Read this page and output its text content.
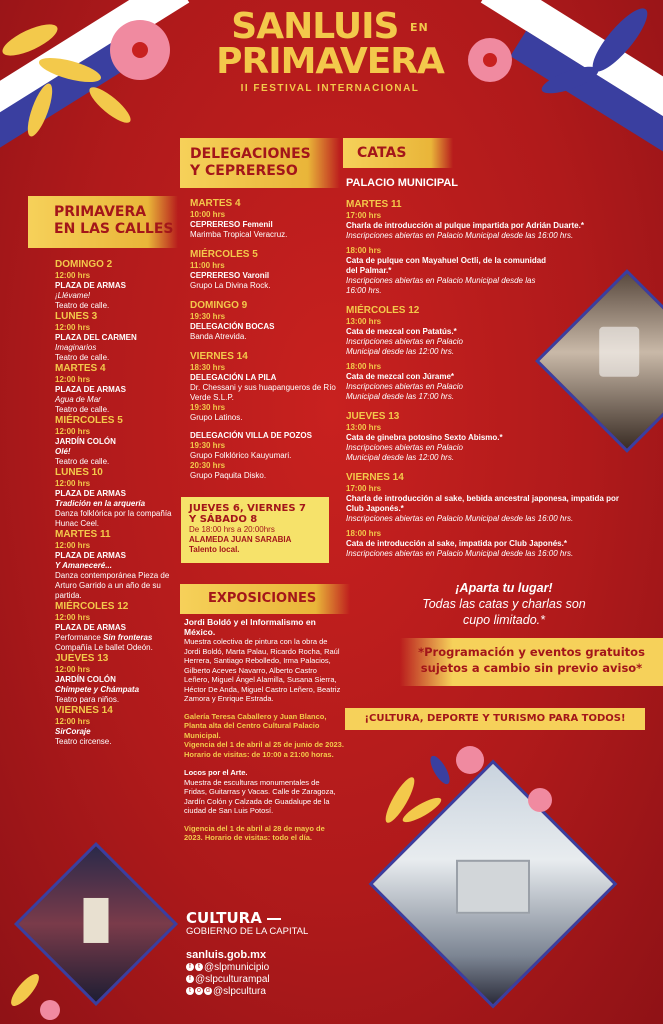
SANLUIS EN
PRIMAVERA
II FESTIVAL INTERNACIONAL
PRIMAVERA
EN LAS CALLES
DELEGACIONES
Y CEPRERESO
CATAS
EXPOSICIONES
DOMINGO 2
12:00 hrs
PLAZA DE ARMAS
¡Llévame!
Teatro de calle.
LUNES 3
12:00 hrs
PLAZA DEL CARMEN
Imaginarios
Teatro de calle.
MARTES 4
12:00 hrs
PLAZA DE ARMAS
Agua de Mar
Teatro de calle.
MIÉRCOLES 5
12:00 hrs
JARDÍN COLÓN
Olé!
Teatro de calle.
LUNES 10
12:00 hrs
PLAZA DE ARMAS
Tradición en la arquería
Danza folklórica por la compañía Hunac Ceel.
MARTES 11
12:00 hrs
PLAZA DE ARMAS
Y Amaneceré...
Danza contemporánea Pieza de Arturo Garrido a un año de su partida.
MIÉRCOLES 12
12:00 hrs
PLAZA DE ARMAS
Performance Sin fronteras
Compañía Le ballet Odeón.
JUEVES 13
12:00 hrs
JARDÍN COLÓN
Chímpete y Chámpata
Teatro para niños.
VIERNES 14
12:00 hrs
SirCoraje
Teatro circense.
MARTES 4
10:00 hrs
CEPRERESO Femenil
Marimba Tropical Veracruz.
MIÉRCOLES 5
11:00 hrs
CEPRERESO Varonil
Grupo La Divina Rock.
DOMINGO 9
19:30 hrs
DELEGACIÓN BOCAS
Banda Atrevida.
VIERNES 14
18:30 hrs
DELEGACIÓN LA PILA
Dr. Chessani y sus huapangueros de Río Verde S.L.P.
19:30 hrs
Grupo Latinos.
DELEGACIÓN VILLA DE POZOS
19:30 hrs
Grupo Folklórico Kauyumari.
20:30 hrs
Grupo Paquita Disko.
JUEVES 6, VIERNES 7
Y SÁBADO 8
De 18:00 hrs a 20:00hrs
ALAMEDA JUAN SARABIA
Talento local.
Jordi Boldó y el Informalismo en México.
Muestra colectiva de pintura con la obra de Jordi Boldó, Marta Palau, Ricardo Rocha, Raúl Herrera, Santiago Rebolledo, Irma Palacios, Gilberto Aceves Navarro, Alberto Castro Leñero, Miguel Ángel Alamilla, Susana Sierra, Héctor De Anda, Miguel Castro Leñero, Beatriz Zamora y Enrique Estrada.
Galería Teresa Caballero y Juan Blanco, Planta alta del Centro Cultural Palacio Municipal.
Vigencia del 1 de abril al 25 de junio de 2023.
Horario de visitas: de 10:00 a 21:00 horas.
Locos por el Arte.
Muestra de esculturas monumentales de Fridas, Guitarras y Vacas. Calle de Zaragoza, Jardín Colón y Calzada de Guadalupe de la ciudad de San Luis Potosí.
Vigencia del 1 de abril al 28 de mayo de 2023. Horario de visitas: todo el día.
PALACIO MUNICIPAL
MARTES 11
17:00 hrs
Charla de introducción al pulque impartida por Adrián Duarte.*
Inscripciones abiertas en Palacio Municipal desde las 16:00 hrs.
18:00 hrs
Cata de pulque con Mayahuel Octli, de la comunidad del Palmar.*
Inscripciones abiertas en Palacio Municipal desde las 16:00 hrs.
MIÉRCOLES 12
13:00 hrs
Cata de mezcal con Patatús.*
Inscripciones abiertas en Palacio Municipal desde las 12:00 hrs.
18:00 hrs
Cata de mezcal con Júrame*
Inscripciones abiertas en Palacio Municipal desde las 17:00 hrs.
JUEVES 13
13:00 hrs
Cata de ginebra potosino Sexto Abismo.*
Inscripciones abiertas en Palacio Municipal desde las 12:00 hrs.
VIERNES 14
17:00 hrs
Charla de introducción al sake, bebida ancestral japonesa, impatida por Club Japonés.*
Inscripciones abiertas en Palacio Municipal desde las 16:00 hrs.
18:00 hrs
Cata de introducción al sake, impatida por Club Japonés.*
Inscripciones abiertas en Palacio Municipal desde las 16:00 hrs.
¡Aparta tu lugar!
Todas las catas y charlas son
cupo limitado.*
*Programación y eventos gratuitos
sujetos a cambio sin previo aviso*
¡CULTURA, DEPORTE Y TURISMO PARA TODOS!
CULTURA
GOBIERNO DE LA CAPITAL
sanluis.gob.mx
f t @slpmunicipio
f @slpculturampal
t o d @slpcultura
